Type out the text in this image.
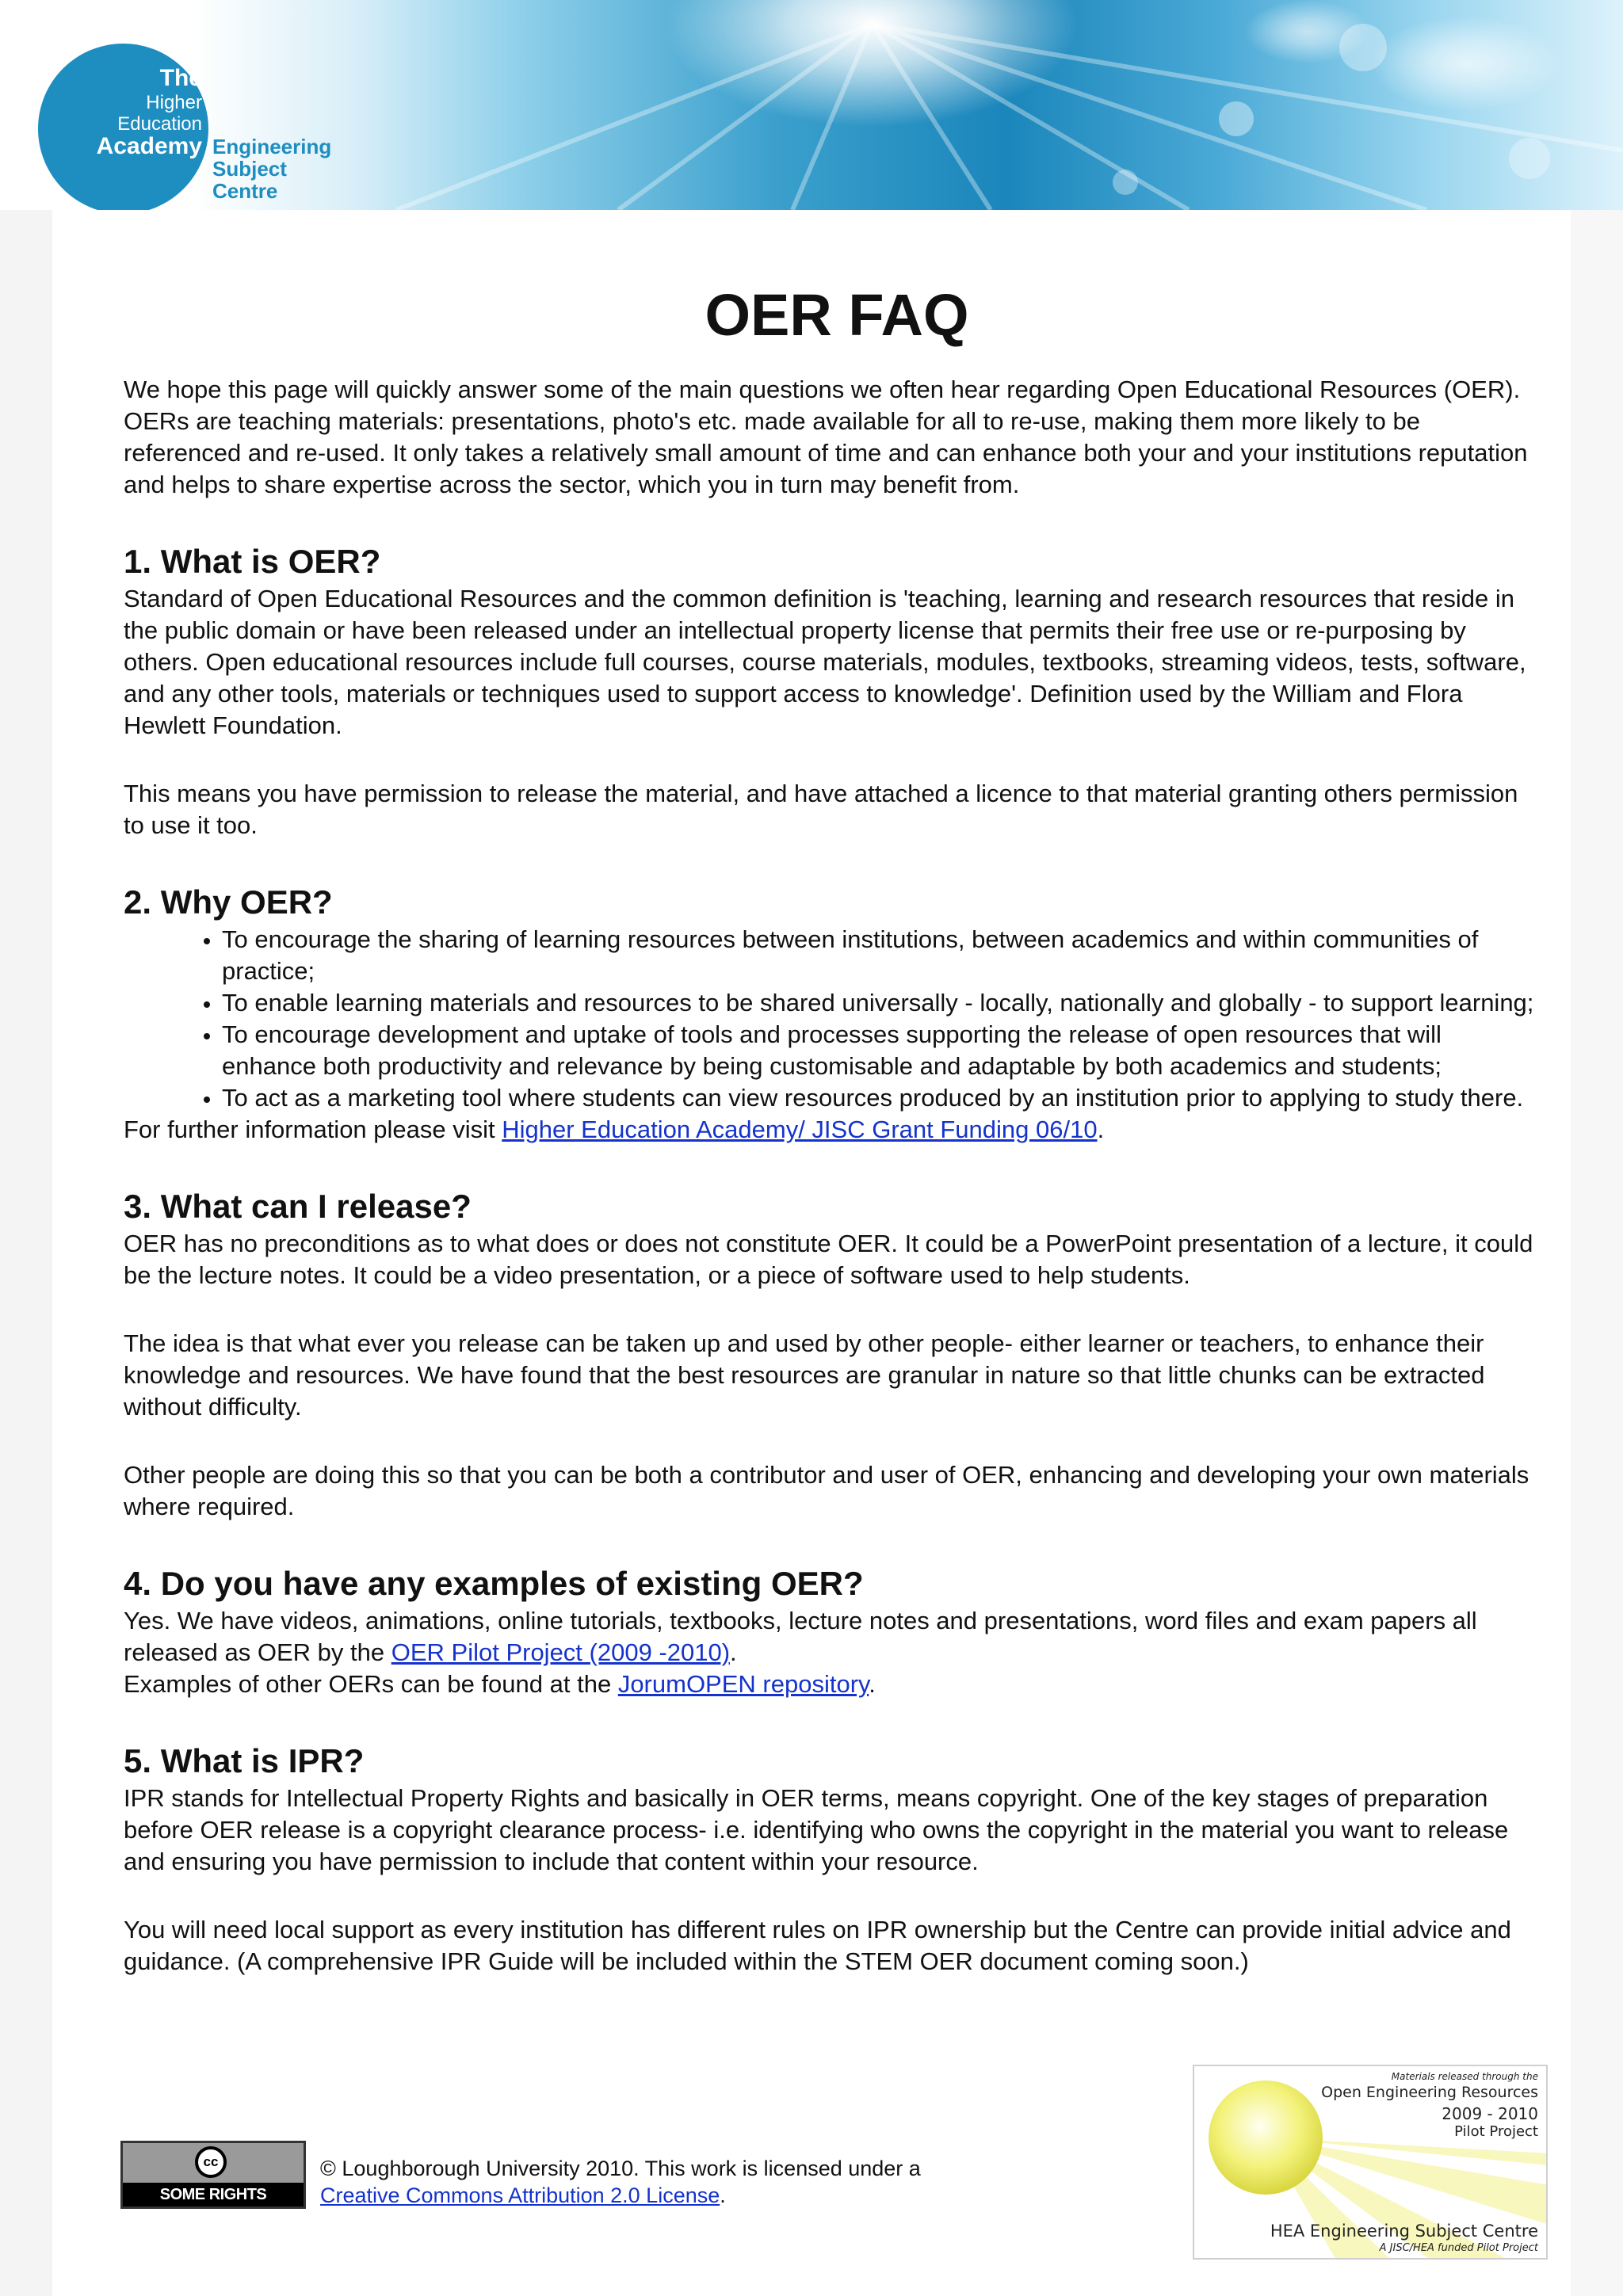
The
Higher
Education
Academy Engineering
Subject
Centre
OER FAQ

We hope this page will quickly answer some of the main questions we often hear regarding Open Educational Resources (OER). OERs are teaching materials: presentations, photo's etc. made available for all to re-use, making them more likely to be referenced and re-used. It only takes a relatively small amount of time and can enhance both your and your institutions reputation and helps to share expertise across the sector, which you in turn may benefit from.

1. What is OER?

Standard of Open Educational Resources and the common definition is 'teaching, learning and research resources that reside in the public domain or have been released under an intellectual property license that permits their free use or re-purposing by others. Open educational resources include full courses, course materials, modules, textbooks, streaming videos, tests, software, and any other tools, materials or techniques used to support access to knowledge'. Definition used by the William and Flora Hewlett Foundation.

This means you have permission to release the material, and have attached a licence to that material granting others permission to use it too.

2. Why OER?
• To encourage the sharing of learning resources between institutions, between academics and within communities of practice;
• To enable learning materials and resources to be shared universally - locally, nationally and globally - to support learning;
• To encourage development and uptake of tools and processes supporting the release of open resources that will enhance both productivity and relevance by being customisable and adaptable by both academics and students;
• To act as a marketing tool where students can view resources produced by an institution prior to applying to study there.

For further information please visit Higher Education Academy/ JISC Grant Funding 06/10.

3. What can I release?

OER has no preconditions as to what does or does not constitute OER. It could be a PowerPoint presentation of a lecture, it could be the lecture notes. It could be a video presentation, or a piece of software used to help students.

The idea is that what ever you release can be taken up and used by other people- either learner or teachers, to enhance their knowledge and resources. We have found that the best resources are granular in nature so that little chunks can be extracted without difficulty.

Other people are doing this so that you can be both a contributor and user of OER, enhancing and developing your own materials where required.

4. Do you have any examples of existing OER?

Yes. We have videos, animations, online tutorials, textbooks, lecture notes and presentations, word files and exam papers all released as OER by the OER Pilot Project (2009 -2010).
Examples of other OERs can be found at the JorumOPEN repository.

5. What is IPR?

IPR stands for Intellectual Property Rights and basically in OER terms, means copyright. One of the key stages of preparation before OER release is a copyright clearance process- i.e. identifying who owns the copyright in the material you want to release and ensuring you have permission to include that content within your resource.

You will need local support as every institution has different rules on IPR ownership but the Centre can provide initial advice and guidance. (A comprehensive IPR Guide will be included within the STEM OER document coming soon.)

cc
SOME RIGHTS RESERVED
© Loughborough University 2010. This work is licensed under a
Creative Commons Attribution 2.0 License.
Materials released through the
Open Engineering Resources
2009 - 2010
Pilot Project
HEA Engineering Subject Centre
A JISC/HEA funded Pilot Project
